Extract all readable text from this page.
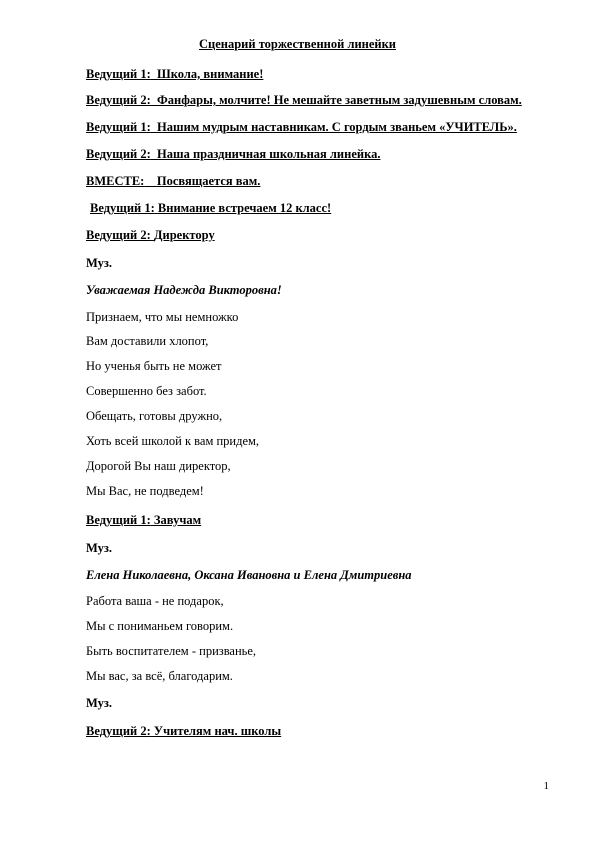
Сценарий торжественной линейки
Ведущий 1: Школа, внимание!
Ведущий 2: Фанфары, молчите! Не мешайте заветным задушевным словам.
Ведущий 1: Нашим мудрым наставникам. С гордым званьем «УЧИТЕЛЬ».
Ведущий 2: Наша праздничная школьная линейка.
ВМЕСТЕ: Посвящается вам.
Ведущий 1: Внимание встречаем 12 класс!
Ведущий 2: Директору
Муз.
Уважаемая Надежда Викторовна!
Признаем, что мы немножко
Вам доставили хлопот,
Но ученья быть не может
Совершенно без забот.
Обещать, готовы дружно,
Хоть всей школой к вам придем,
Дорогой Вы наш директор,
Мы Вас, не подведем!
Ведущий 1: Завучам
Муз.
Елена Николаевна, Оксана Ивановна и Елена Дмитриевна
Работа ваша - не подарок,
Мы с пониманьем говорим.
Быть воспитателем - призванье,
Мы вас, за всё, благодарим.
Муз.
Ведущий 2: Учителям нач. школы
1
